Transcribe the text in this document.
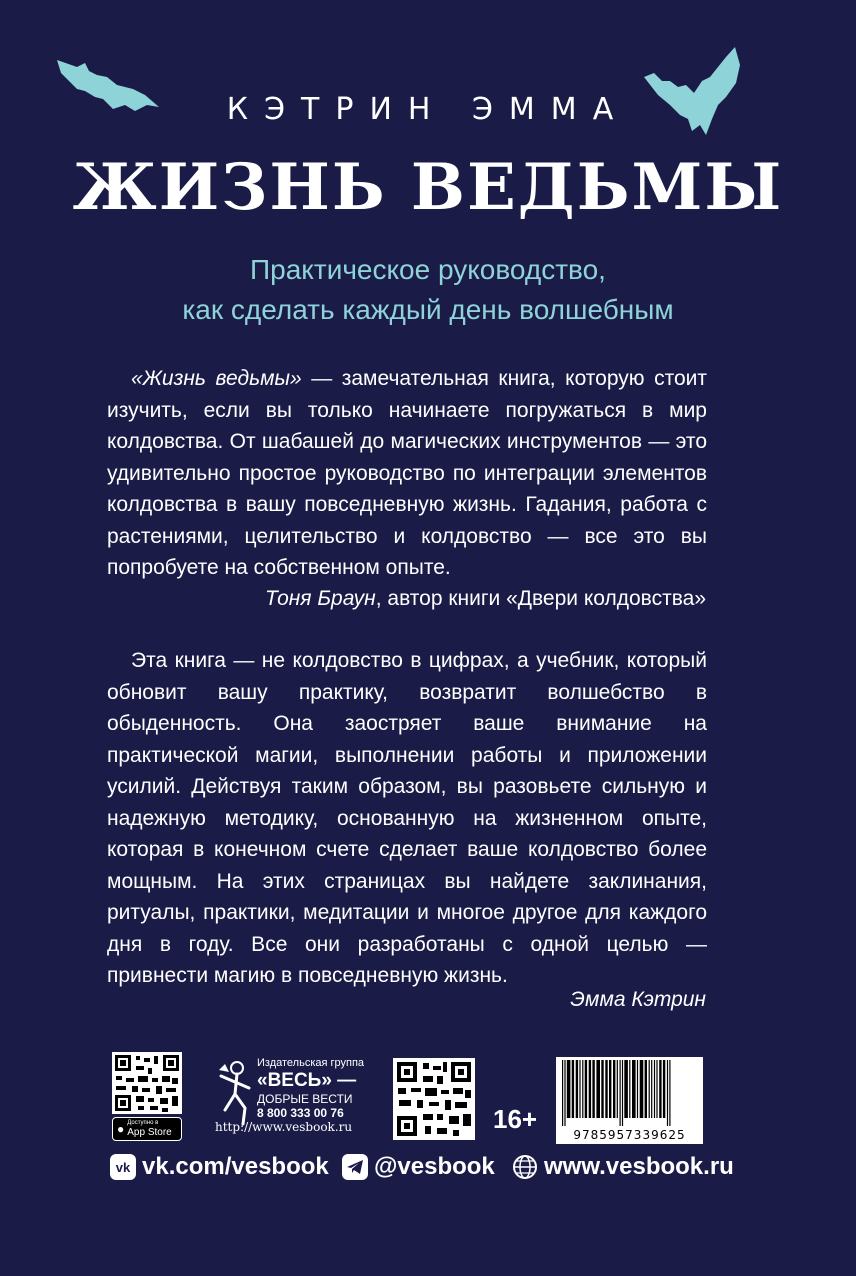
КЭТРИН ЭММА
ЖИЗНЬ ВЕДЬМЫ
Практическое руководство,
как сделать каждый день волшебным
«Жизнь ведьмы» — замечательная книга, которую стоит изучить, если вы только начинаете погружаться в мир колдовства. От шабашей до магических инструментов — это удивительно простое руководство по интеграции элементов колдовства в вашу повседневную жизнь. Гадания, работа с растениями, целительство и колдовство — все это вы попробуете на собственном опыте.
Тоня Браун, автор книги «Двери колдовства»
Эта книга — не колдовство в цифрах, а учебник, который обновит вашу практику, возвратит волшебство в обыденность. Она заостряет ваше внимание на практической магии, выполнении работы и приложении усилий. Действуя таким образом, вы разовьете сильную и надежную методику, основанную на жизненном опыте, которая в конечном счете сделает ваше колдовство более мощным. На этих страницах вы найдете заклинания, ритуалы, практики, медитации и многое другое для каждого дня в году. Все они разработаны с одной целью — привнести магию в повседневную жизнь.
Эмма Кэтрин
● Доступно в
App Store
Издательская группа
«ВЕСЬ» —
ДОБРЫЕ ВЕСТИ
8 800 333 00 76
http://www.vesbook.ru	16+
9785957339625
vk vk.com/vesbook @vesbook www.vesbook.ru
